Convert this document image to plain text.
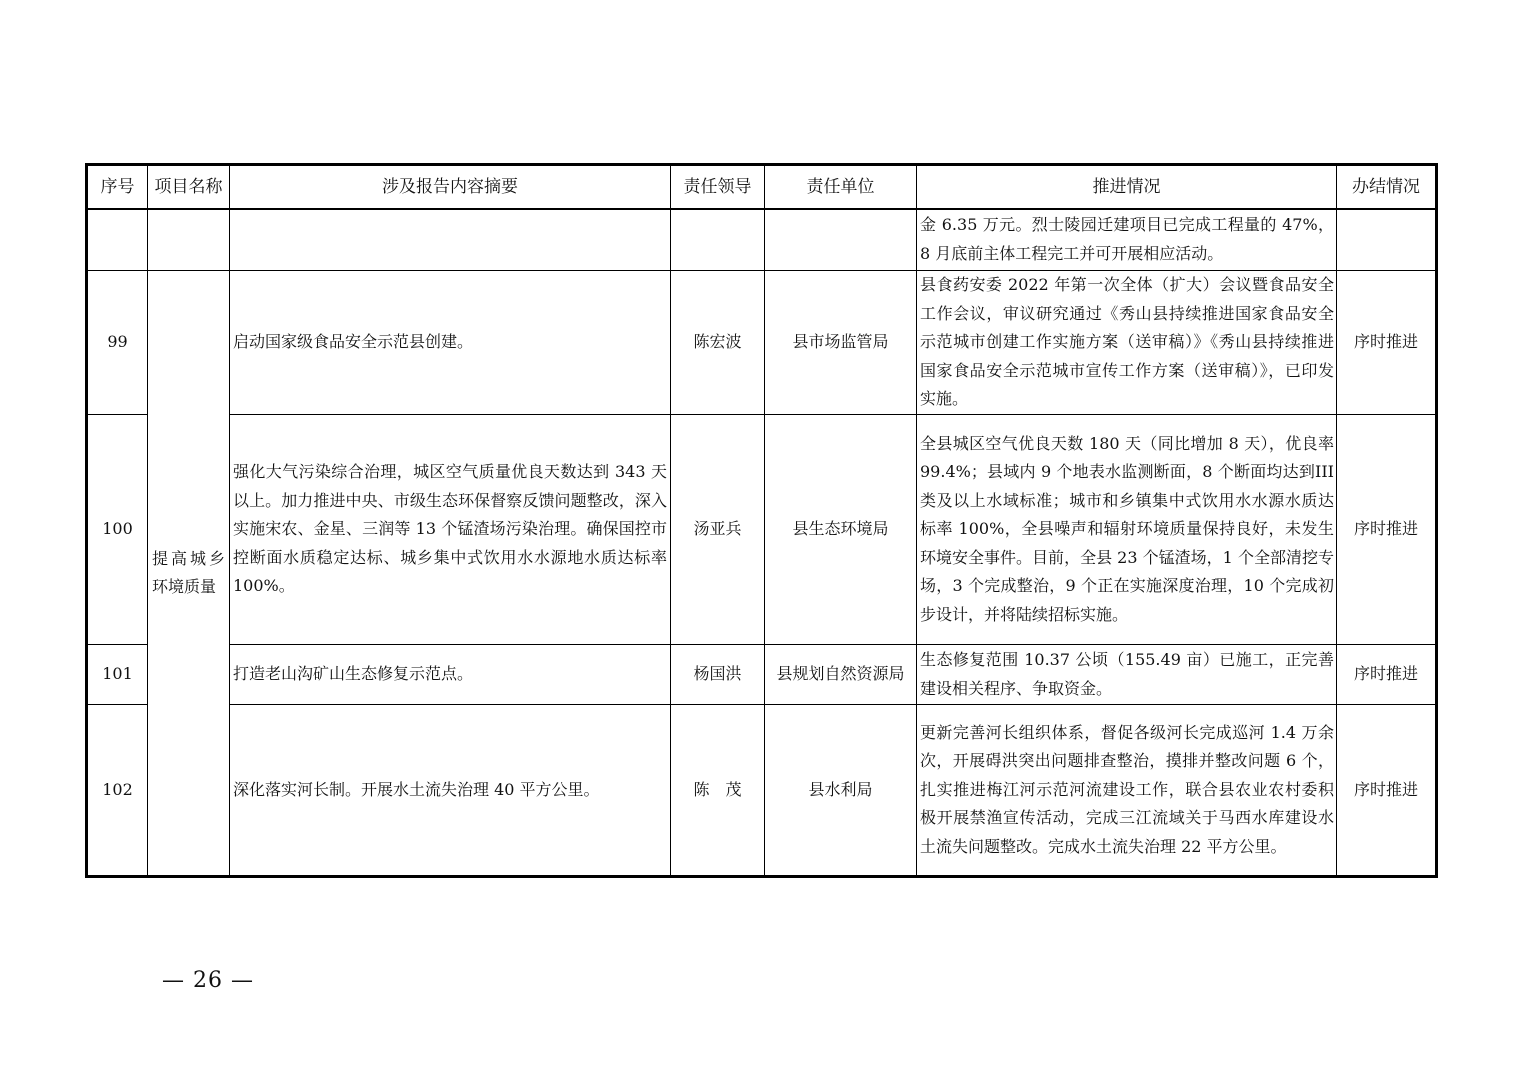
序号	项目名称	涉及报告内容摘要	责任领导	责任单位	推进情况	办结情况
					金 6.35 万元。烈士陵园迁建项目已完成工程量的 47%，8 月底前主体工程完工并可开展相应活动。	
99	提高城乡环境质量	启动国家级食品安全示范县创建。	陈宏波	县市场监管局	县食药安委 2022 年第一次全体（扩大）会议暨食品安全工作会议，审议研究通过《秀山县持续推进国家食品安全示范城市创建工作实施方案（送审稿）》《秀山县持续推进国家食品安全示范城市宣传工作方案（送审稿）》，已印发实施。	序时推进
100		强化大气污染综合治理，城区空气质量优良天数达到 343 天以上。加力推进中央、市级生态环保督察反馈问题整改，深入实施宋农、金星、三润等 13 个锰渣场污染治理。确保国控市控断面水质稳定达标、城乡集中式饮用水水源地水质达标率 100%。	汤亚兵	县生态环境局	全县城区空气优良天数 180 天（同比增加 8 天），优良率 99.4%；县域内 9 个地表水监测断面，8 个断面均达到III类及以上水域标准；城市和乡镇集中式饮用水水源水质达标率 100%，全县噪声和辐射环境质量保持良好，未发生环境安全事件。目前，全县 23 个锰渣场，1 个全部清挖专场，3 个完成整治，9 个正在实施深度治理，10 个完成初步设计，并将陆续招标实施。	序时推进
101		打造老山沟矿山生态修复示范点。	杨国洪	县规划自然资源局	生态修复范围 10.37 公顷（155.49 亩）已施工，正完善建设相关程序、争取资金。	序时推进
102		深化落实河长制。开展水土流失治理 40 平方公里。	陈　茂	县水利局	更新完善河长组织体系，督促各级河长完成巡河 1.4 万余次，开展碍洪突出问题排查整治，摸排并整改问题 6 个，扎实推进梅江河示范河流建设工作，联合县农业农村委积极开展禁渔宣传活动，完成三江流域关于马西水库建设水土流失问题整改。完成水土流失治理 22 平方公里。	序时推进
— 26 —
